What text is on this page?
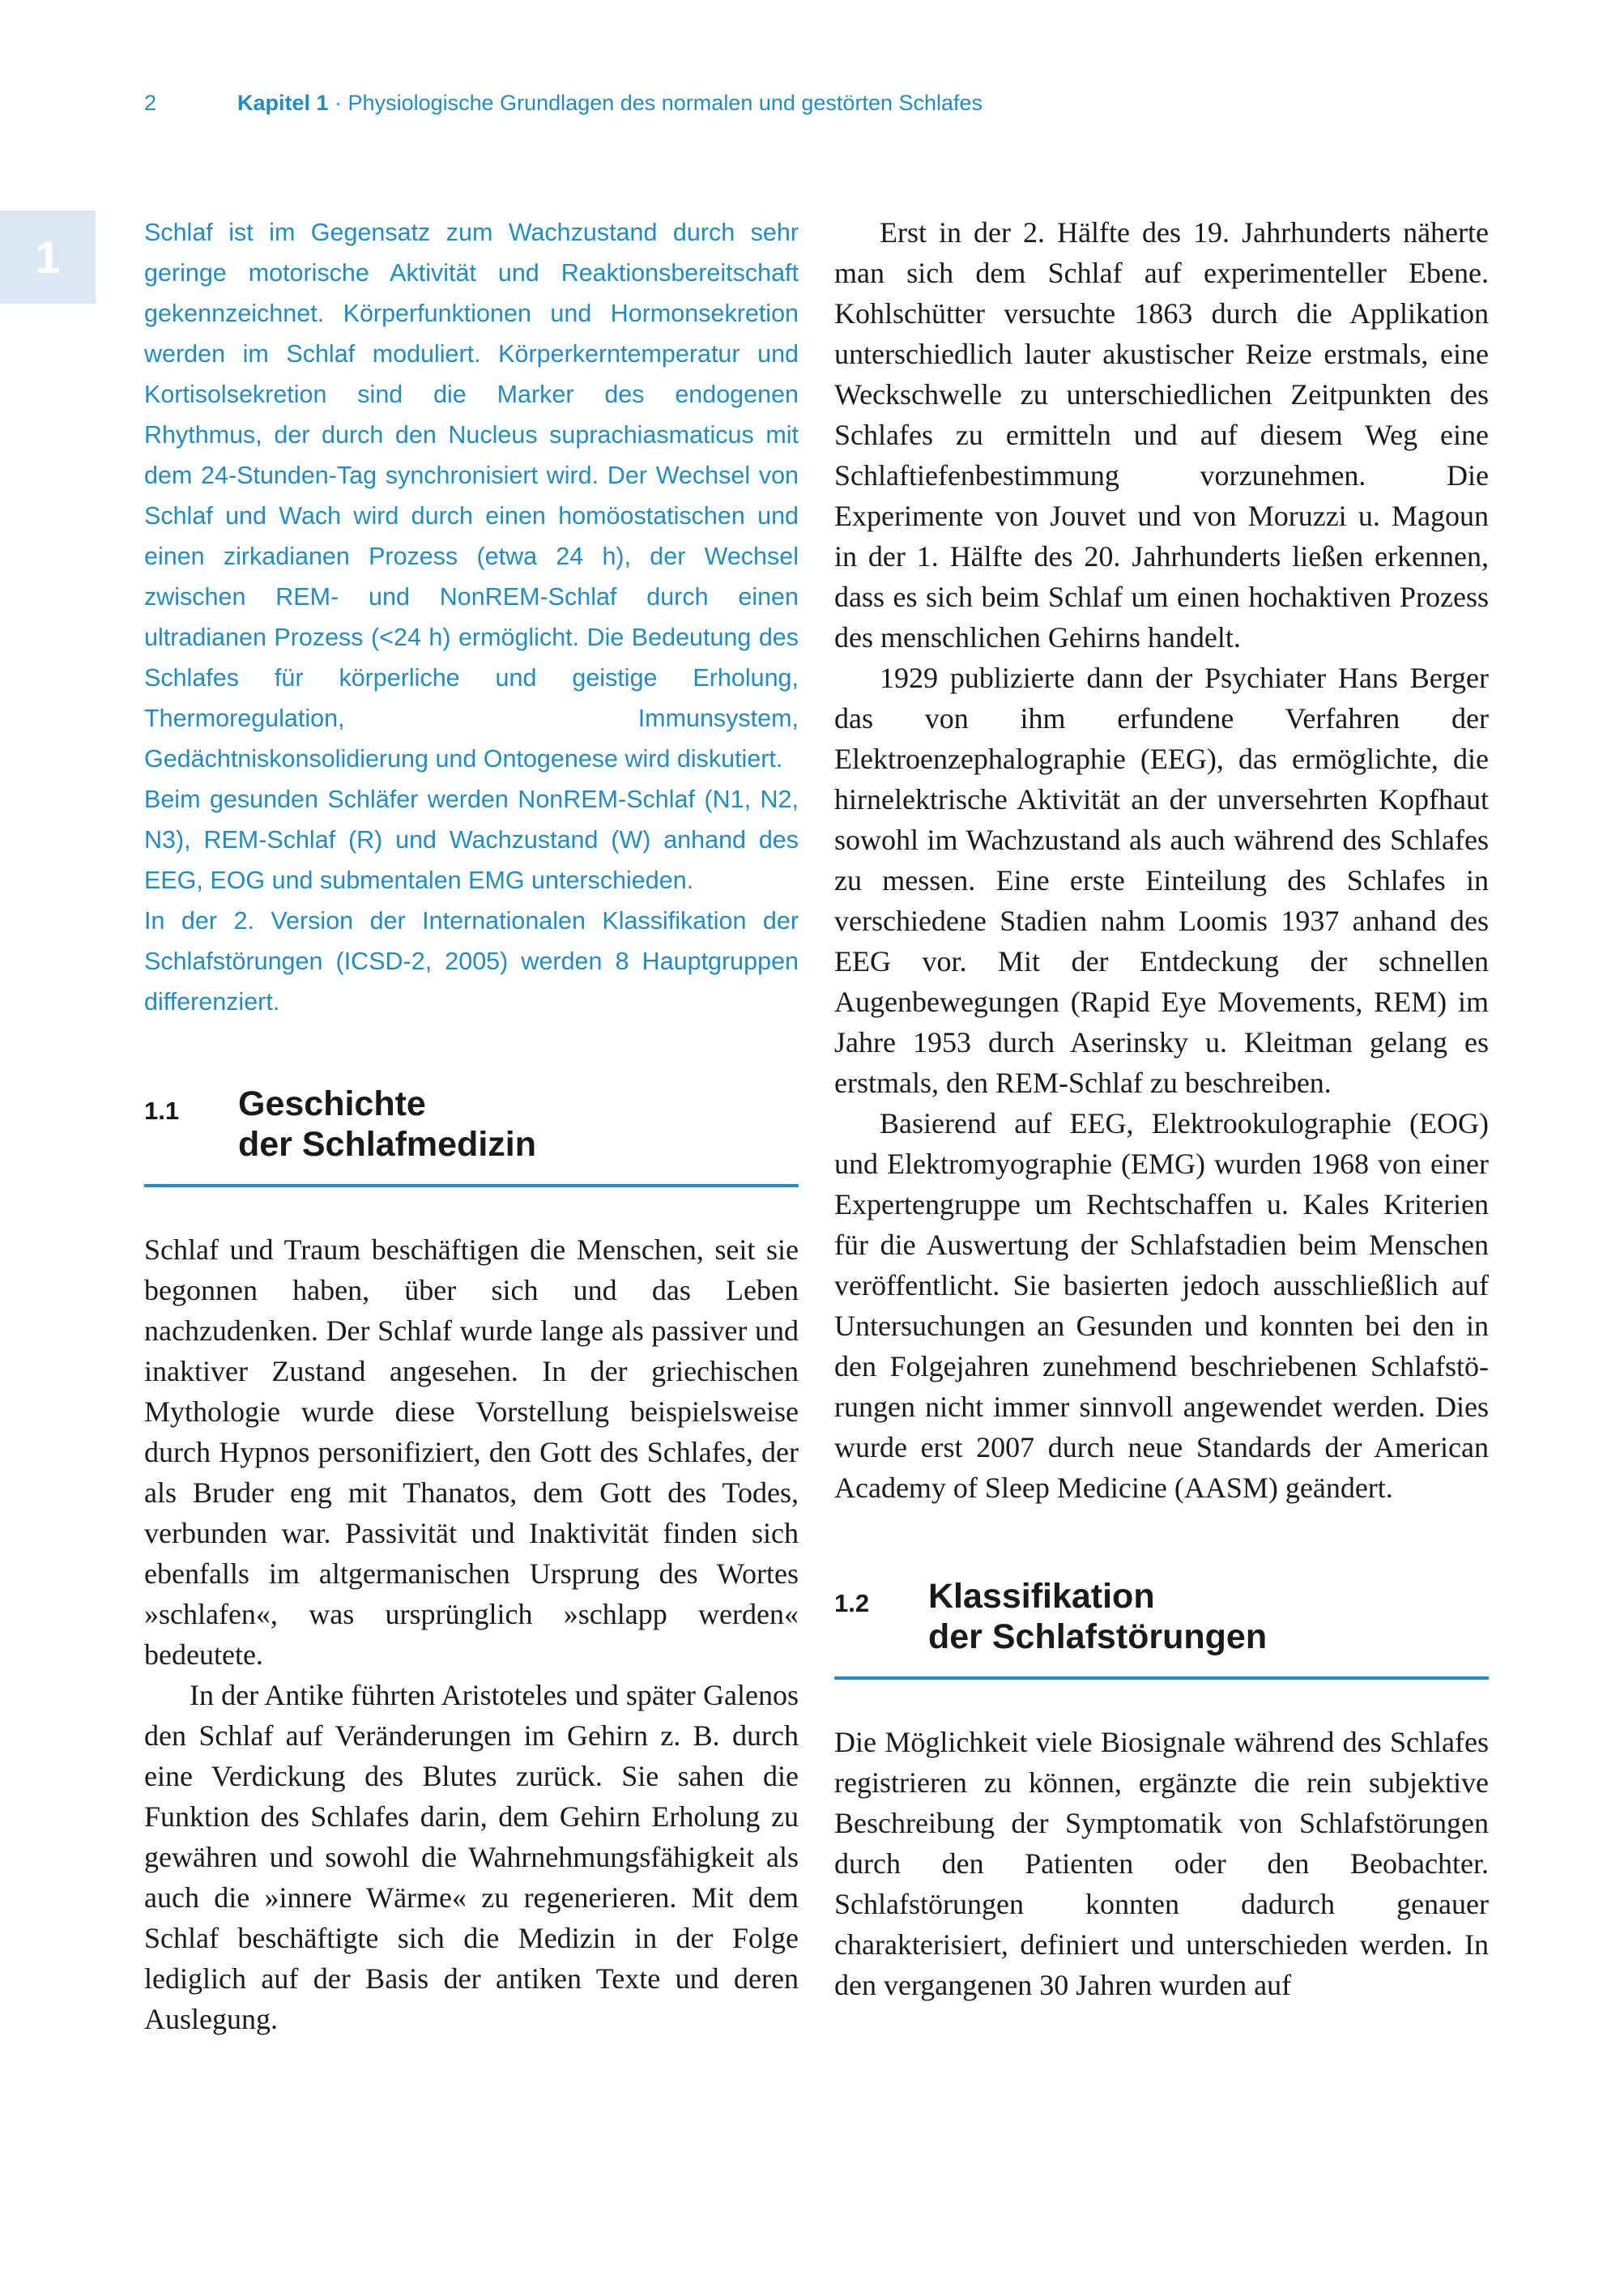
2	Kapitel 1 · Physiologische Grundlagen des normalen und gestörten Schlafes
1	Schlaf ist im Gegensatz zum Wachzustand durch sehr geringe motorische Aktivität und Reaktionsbereitschaft gekennzeichnet. Körperfunktionen und Hormonsekretion werden im Schlaf moduliert. Körperkerntemperatur und Kortisolsekretion sind die Marker des endogenen Rhythmus, der durch den Nucleus suprachiasmaticus mit dem 24-Stunden-Tag synchronisiert wird. Der Wechsel von Schlaf und Wach wird durch einen homöostatischen und einen zirkadianen Prozess (etwa 24 h), der Wechsel zwischen REM- und NonREM-Schlaf durch einen ultradianen Prozess (<24 h) ermöglicht. Die Bedeutung des Schlafes für körperliche und geistige Erholung, Thermoregulation, Immunsystem, Gedächtniskonsolidierung und Ontogenese wird diskutiert.

Beim gesunden Schläfer werden NonREM-Schlaf (N1, N2, N3), REM-Schlaf (R) und Wachzustand (W) anhand des EEG, EOG und submentalen EMG unterschieden.

In der 2. Version der Internationalen Klassifikation der Schlafstörungen (ICSD-2, 2005) werden 8 Hauptgruppen differenziert.

1.1 Geschichte
der Schlafmedizin

Schlaf und Traum beschäftigen die Menschen, seit sie begonnen haben, über sich und das Leben nachzudenken. Der Schlaf wurde lange als passiver und inaktiver Zustand angesehen. In der griechischen Mythologie wurde diese Vorstellung beispielsweise durch Hypnos personifiziert, den Gott des Schlafes, der als Bruder eng mit Thanatos, dem Gott des Todes, verbunden war. Passivität und Inaktivität finden sich ebenfalls im altgermanischen Ursprung des Wortes »schlafen«, was ursprünglich »schlapp werden« bedeutete.

In der Antike führten Aristoteles und später Galenos den Schlaf auf Veränderungen im Gehirn z. B. durch eine Verdickung des Blutes zurück. Sie sahen die Funktion des Schlafes darin, dem Gehirn Erholung zu gewähren und sowohl die Wahrnehmungsfähigkeit als auch die »innere Wärme« zu regenerieren. Mit dem Schlaf beschäftigte sich die Medizin in der Folge lediglich auf der Basis der antiken Texte und deren Auslegung.

Erst in der 2. Hälfte des 19. Jahrhunderts näherte man sich dem Schlaf auf experimenteller Ebene. Kohlschütter versuchte 1863 durch die Applikation unterschiedlich lauter akustischer Reize erstmals, eine Weckschwelle zu unterschiedlichen Zeitpunkten des Schlafes zu ermitteln und auf diesem Weg eine Schlaftiefenbestimmung vorzunehmen. Die Experimente von Jouvet und von Moruzzi u. Magoun in der 1. Hälfte des 20. Jahrhunderts ließen erkennen, dass es sich beim Schlaf um einen hochaktiven Prozess des menschlichen Gehirns handelt.

1929 publizierte dann der Psychiater Hans Berger das von ihm erfundene Verfahren der Elektroenzephalographie (EEG), das ermöglichte, die hirnelektrische Aktivität an der unversehrten Kopfhaut sowohl im Wachzustand als auch während des Schlafes zu messen. Eine erste Einteilung des Schlafes in verschiedene Stadien nahm Loomis 1937 anhand des EEG vor. Mit der Entdeckung der schnellen Augenbewegungen (Rapid Eye Movements, REM) im Jahre 1953 durch Aserinsky u. Kleitman gelang es erstmals, den REM-Schlaf zu beschreiben.

Basierend auf EEG, Elektrookulographie (EOG) und Elektromyographie (EMG) wurden 1968 von einer Expertengruppe um Rechtschaffen u. Kales Kriterien für die Auswertung der Schlafstadien beim Menschen veröffentlicht. Sie basierten jedoch ausschließlich auf Untersuchungen an Gesunden und konnten bei den in den Folgejahren zunehmend beschriebenen Schlafstörungen nicht immer sinnvoll angewendet werden. Dies wurde erst 2007 durch neue Standards der American Academy of Sleep Medicine (AASM) geändert.

1.2 Klassifikation
der Schlafstörungen

Die Möglichkeit viele Biosignale während des Schlafes registrieren zu können, ergänzte die rein subjektive Beschreibung der Symptomatik von Schlafstörungen durch den Patienten oder den Beobachter. Schlafstörungen konnten dadurch genauer charakterisiert, definiert und unterschieden werden. In den vergangenen 30 Jahren wurden auf
